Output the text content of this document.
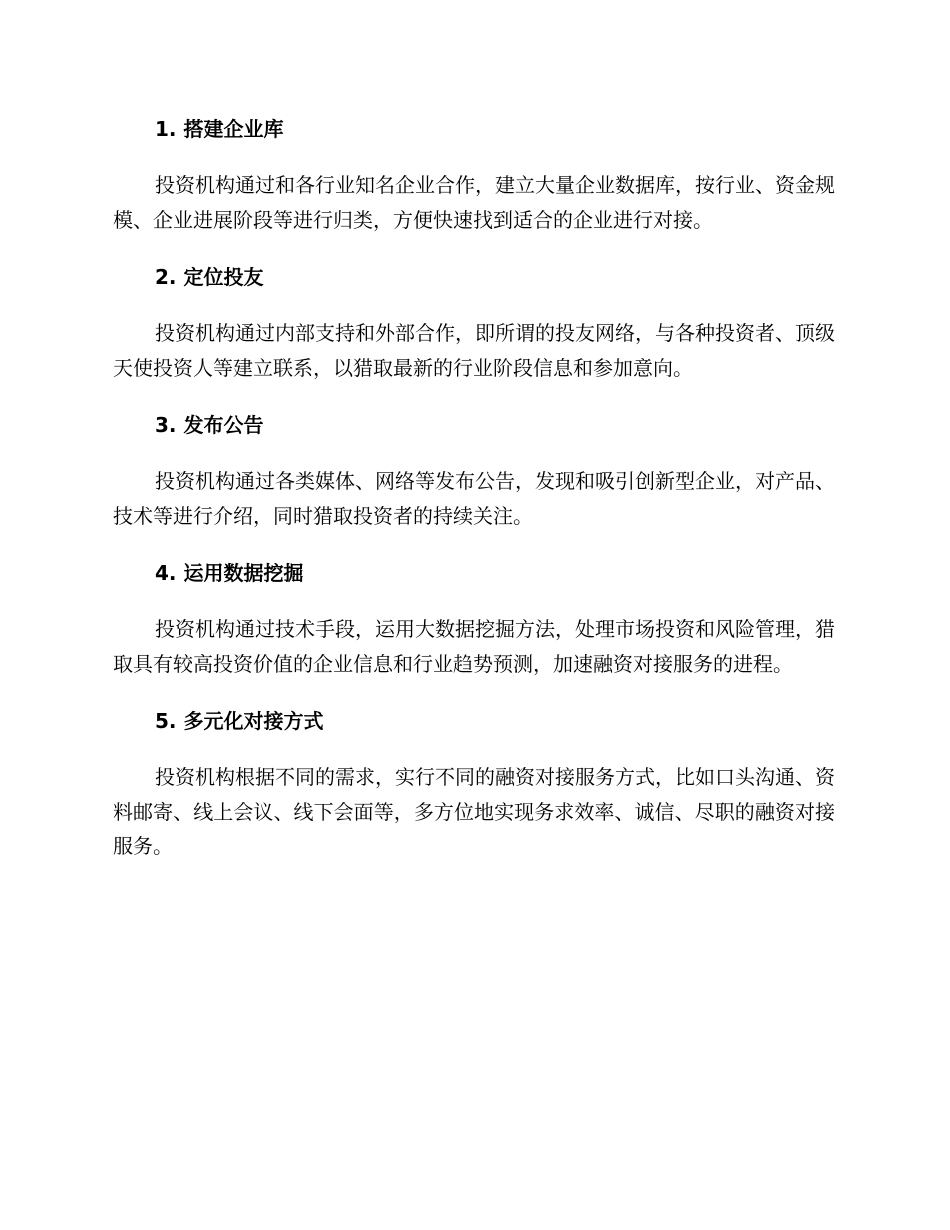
1. 搭建企业库

投资机构通过和各行业知名企业合作，建立大量企业数据库，按行业、资金规模、企业进展阶段等进行归类，方便快速找到适合的企业进行对接。

2. 定位投友

投资机构通过内部支持和外部合作，即所谓的投友网络，与各种投资者、顶级天使投资人等建立联系，以猎取最新的行业阶段信息和参加意向。

3. 发布公告

投资机构通过各类媒体、网络等发布公告，发现和吸引创新型企业，对产品、技术等进行介绍，同时猎取投资者的持续关注。

4. 运用数据挖掘

投资机构通过技术手段，运用大数据挖掘方法，处理市场投资和风险管理，猎取具有较高投资价值的企业信息和行业趋势预测，加速融资对接服务的进程。

5. 多元化对接方式

投资机构根据不同的需求，实行不同的融资对接服务方式，比如口头沟通、资料邮寄、线上会议、线下会面等，多方位地实现务求效率、诚信、尽职的融资对接服务。
